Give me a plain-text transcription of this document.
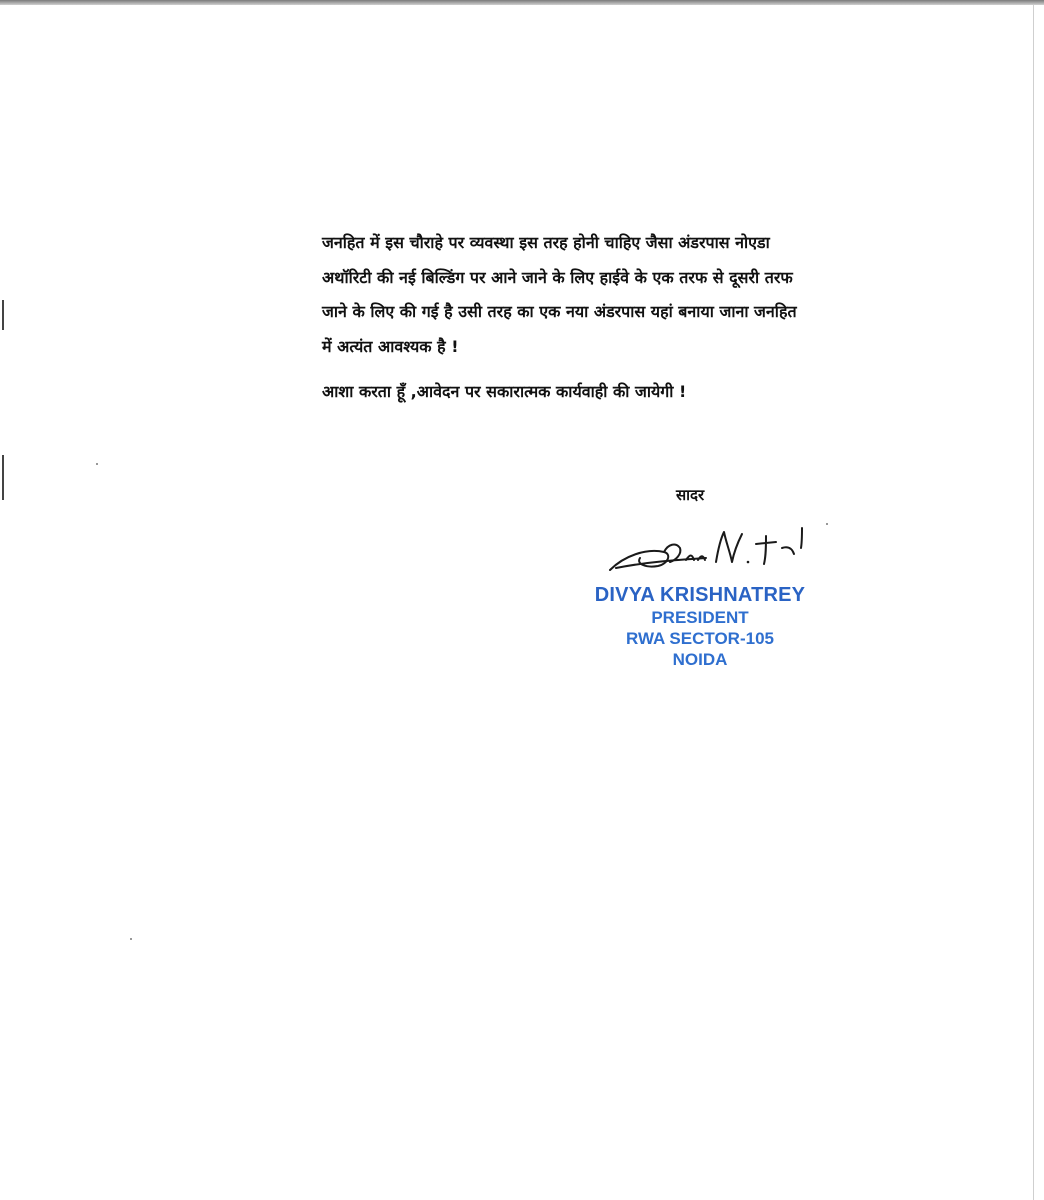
जनहित में इस चौराहे पर व्यवस्था इस तरह होनी चाहिए जैसा अंडरपास नोएडा

अथॉरिटी की नई बिल्डिंग पर आने जाने के लिए हाईवे के एक तरफ से दूसरी तरफ

जाने के लिए की गई है उसी तरह का एक नया अंडरपास यहां बनाया जाना जनहित

में अत्यंत आवश्यक है !

आशा करता हूँ ,आवेदन पर सकारात्मक कार्यवाही की जायेगी !

सादर
DIVYA KRISHNATREY
PRESIDENT
RWA SECTOR-105
NOIDA
